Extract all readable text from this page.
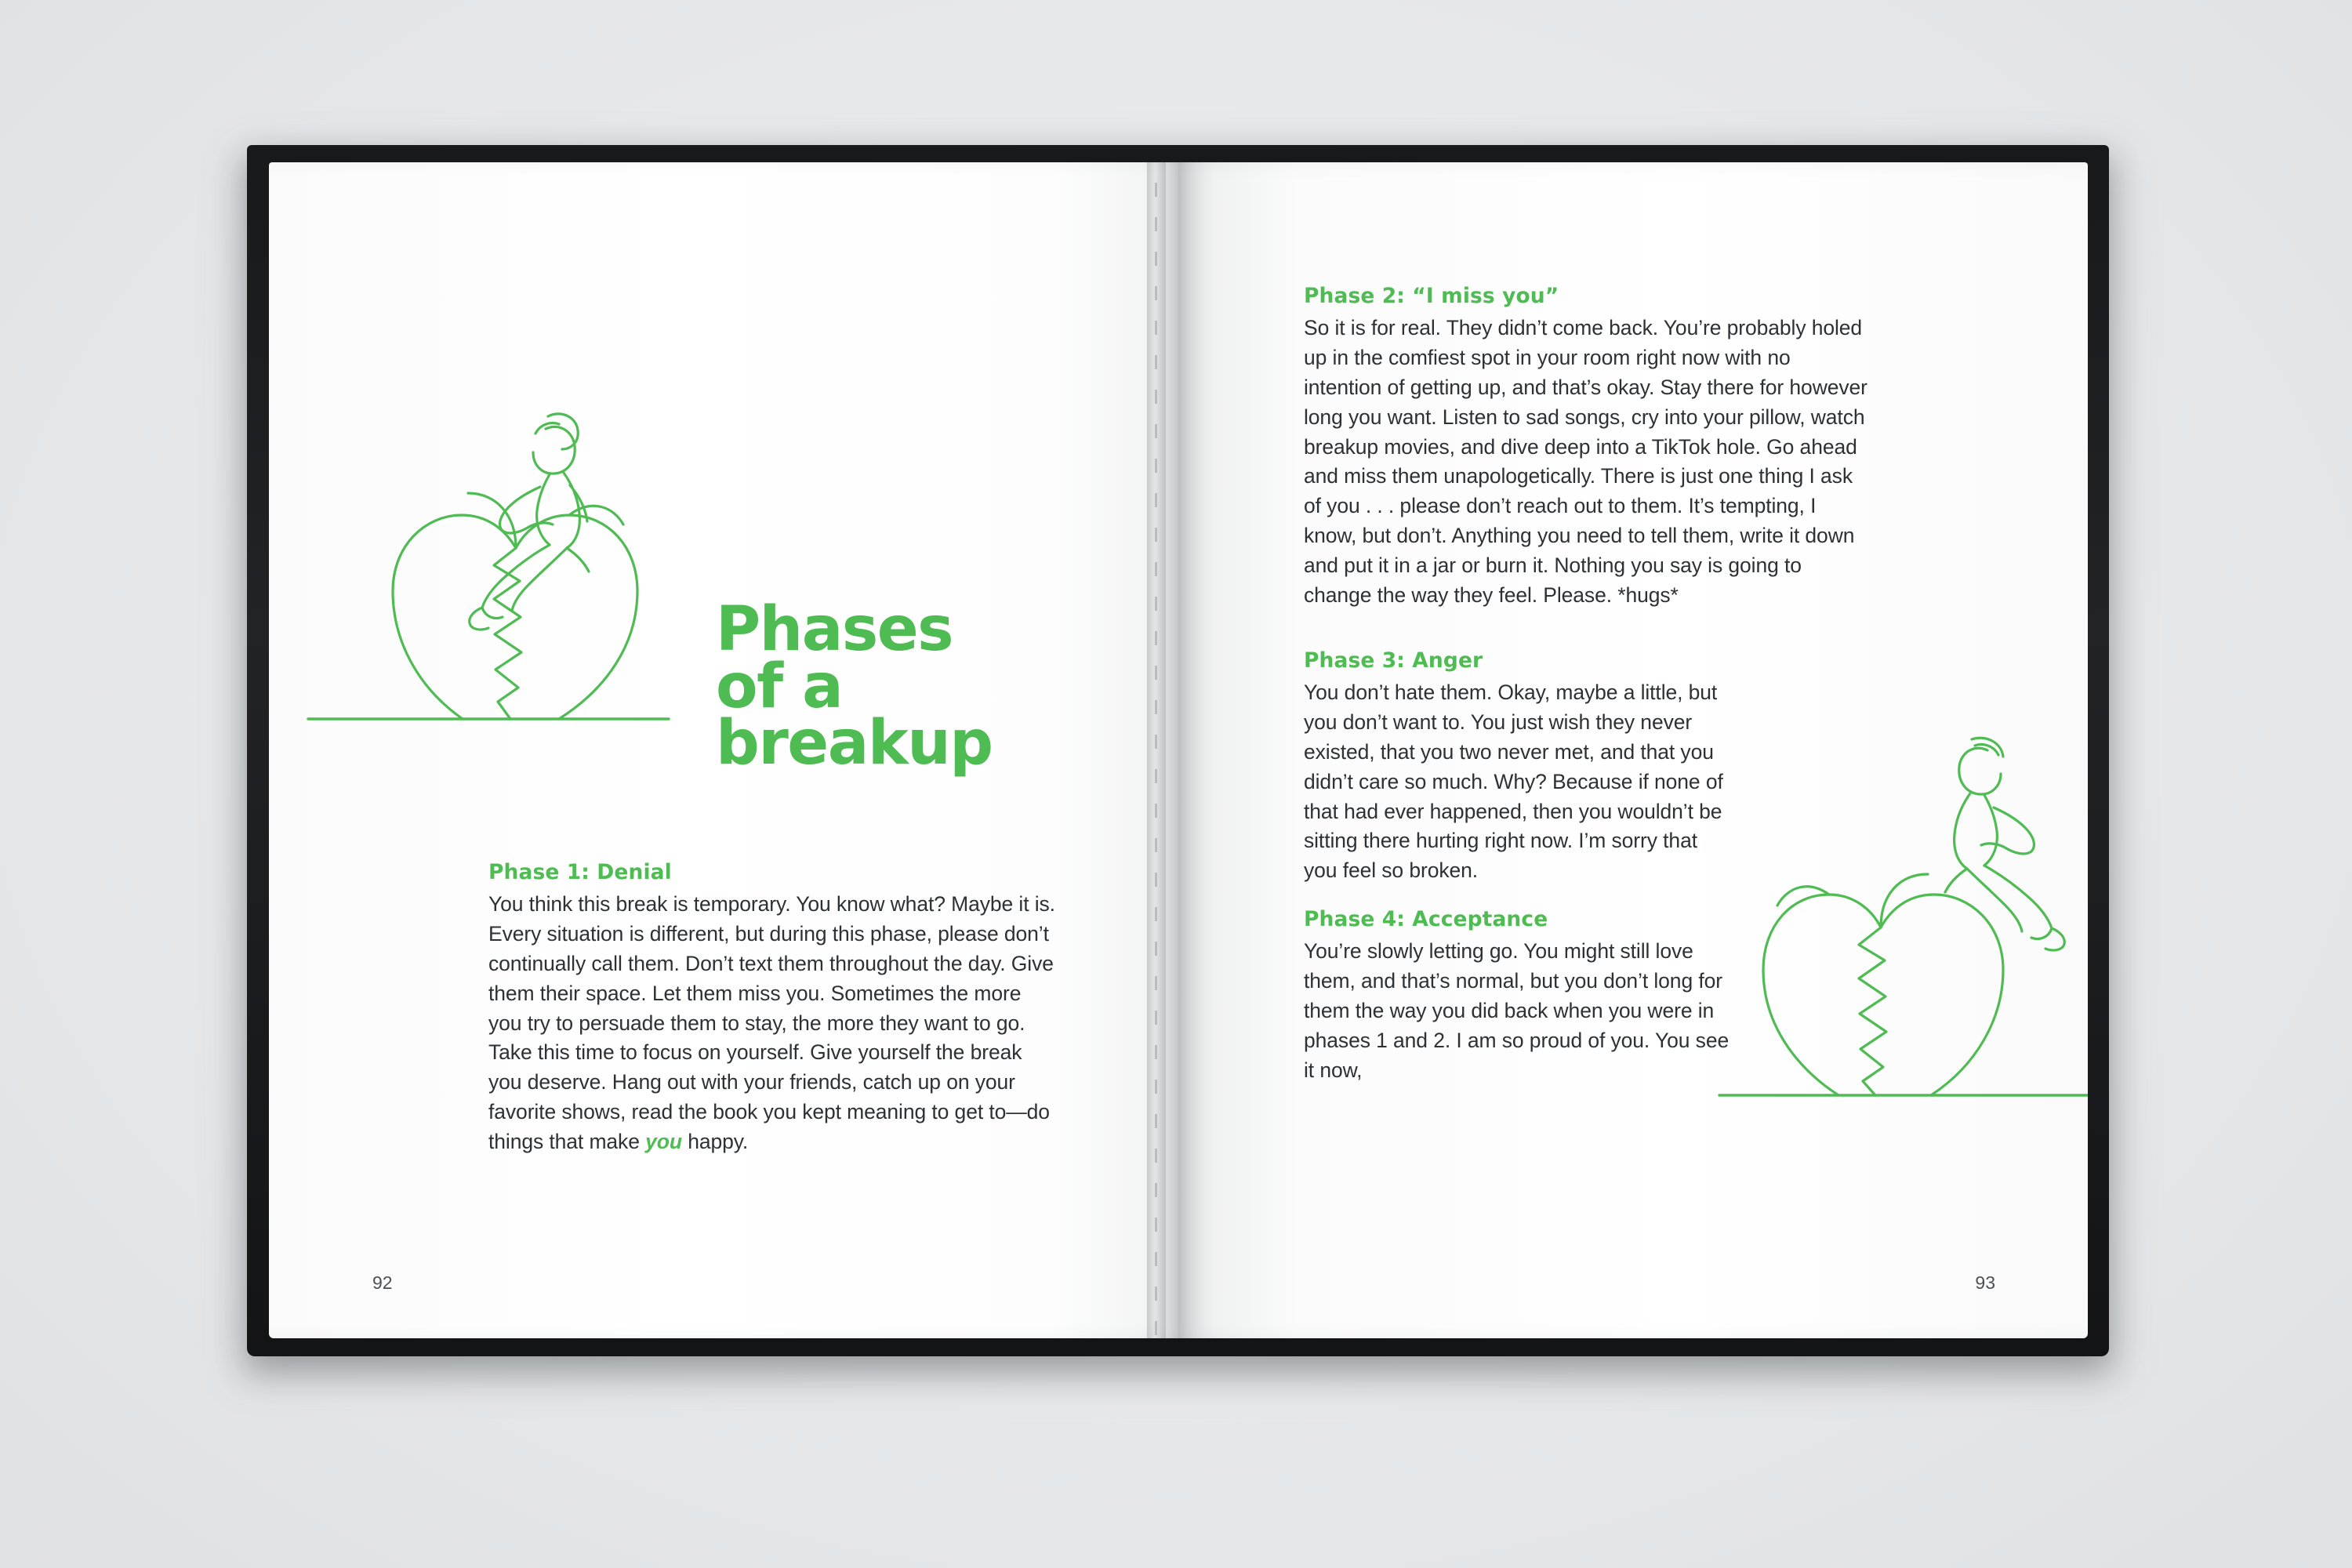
Phases
of a
breakup
Phase 1: Denial

You think this break is temporary. You know what? Maybe it is. Every situation is different, but during this phase, please don’t continually call them. Don’t text them throughout the day. Give them their space. Let them miss you. Sometimes the more you try to persuade them to stay, the more they want to go. Take this time to focus on yourself. Give yourself the break you deserve. Hang out with your friends, catch up on your favorite shows, read the book you kept meaning to get to—do things that make you happy.

92
Phase 2: “I miss you”

So it is for real. They didn’t come back. You’re probably holed up in the comfiest spot in your room right now with no intention of getting up, and that’s okay. Stay there for however long you want. Listen to sad songs, cry into your pillow, watch breakup movies, and dive deep into a TikTok hole. Go ahead and miss them unapologetically. There is just one thing I ask of you . . . please don’t reach out to them. It’s tempting, I know, but don’t. Anything you need to tell them, write it down and put it in a jar or burn it. Nothing you say is going to change the way they feel. Please. *hugs*

Phase 3: Anger

You don’t hate them. Okay, maybe a little, but you don’t want to. You just wish they never existed, that you two never met, and that you didn’t care so much. Why? Because if none of that had ever happened, then you wouldn’t be sitting there hurting right now. I’m sorry that you feel so broken.

Phase 4: Acceptance

You’re slowly letting go. You might still love them, and that’s normal, but you don’t long for them the way you did back when you were in phases 1 and 2. I am so proud of you. You see it now,

93
